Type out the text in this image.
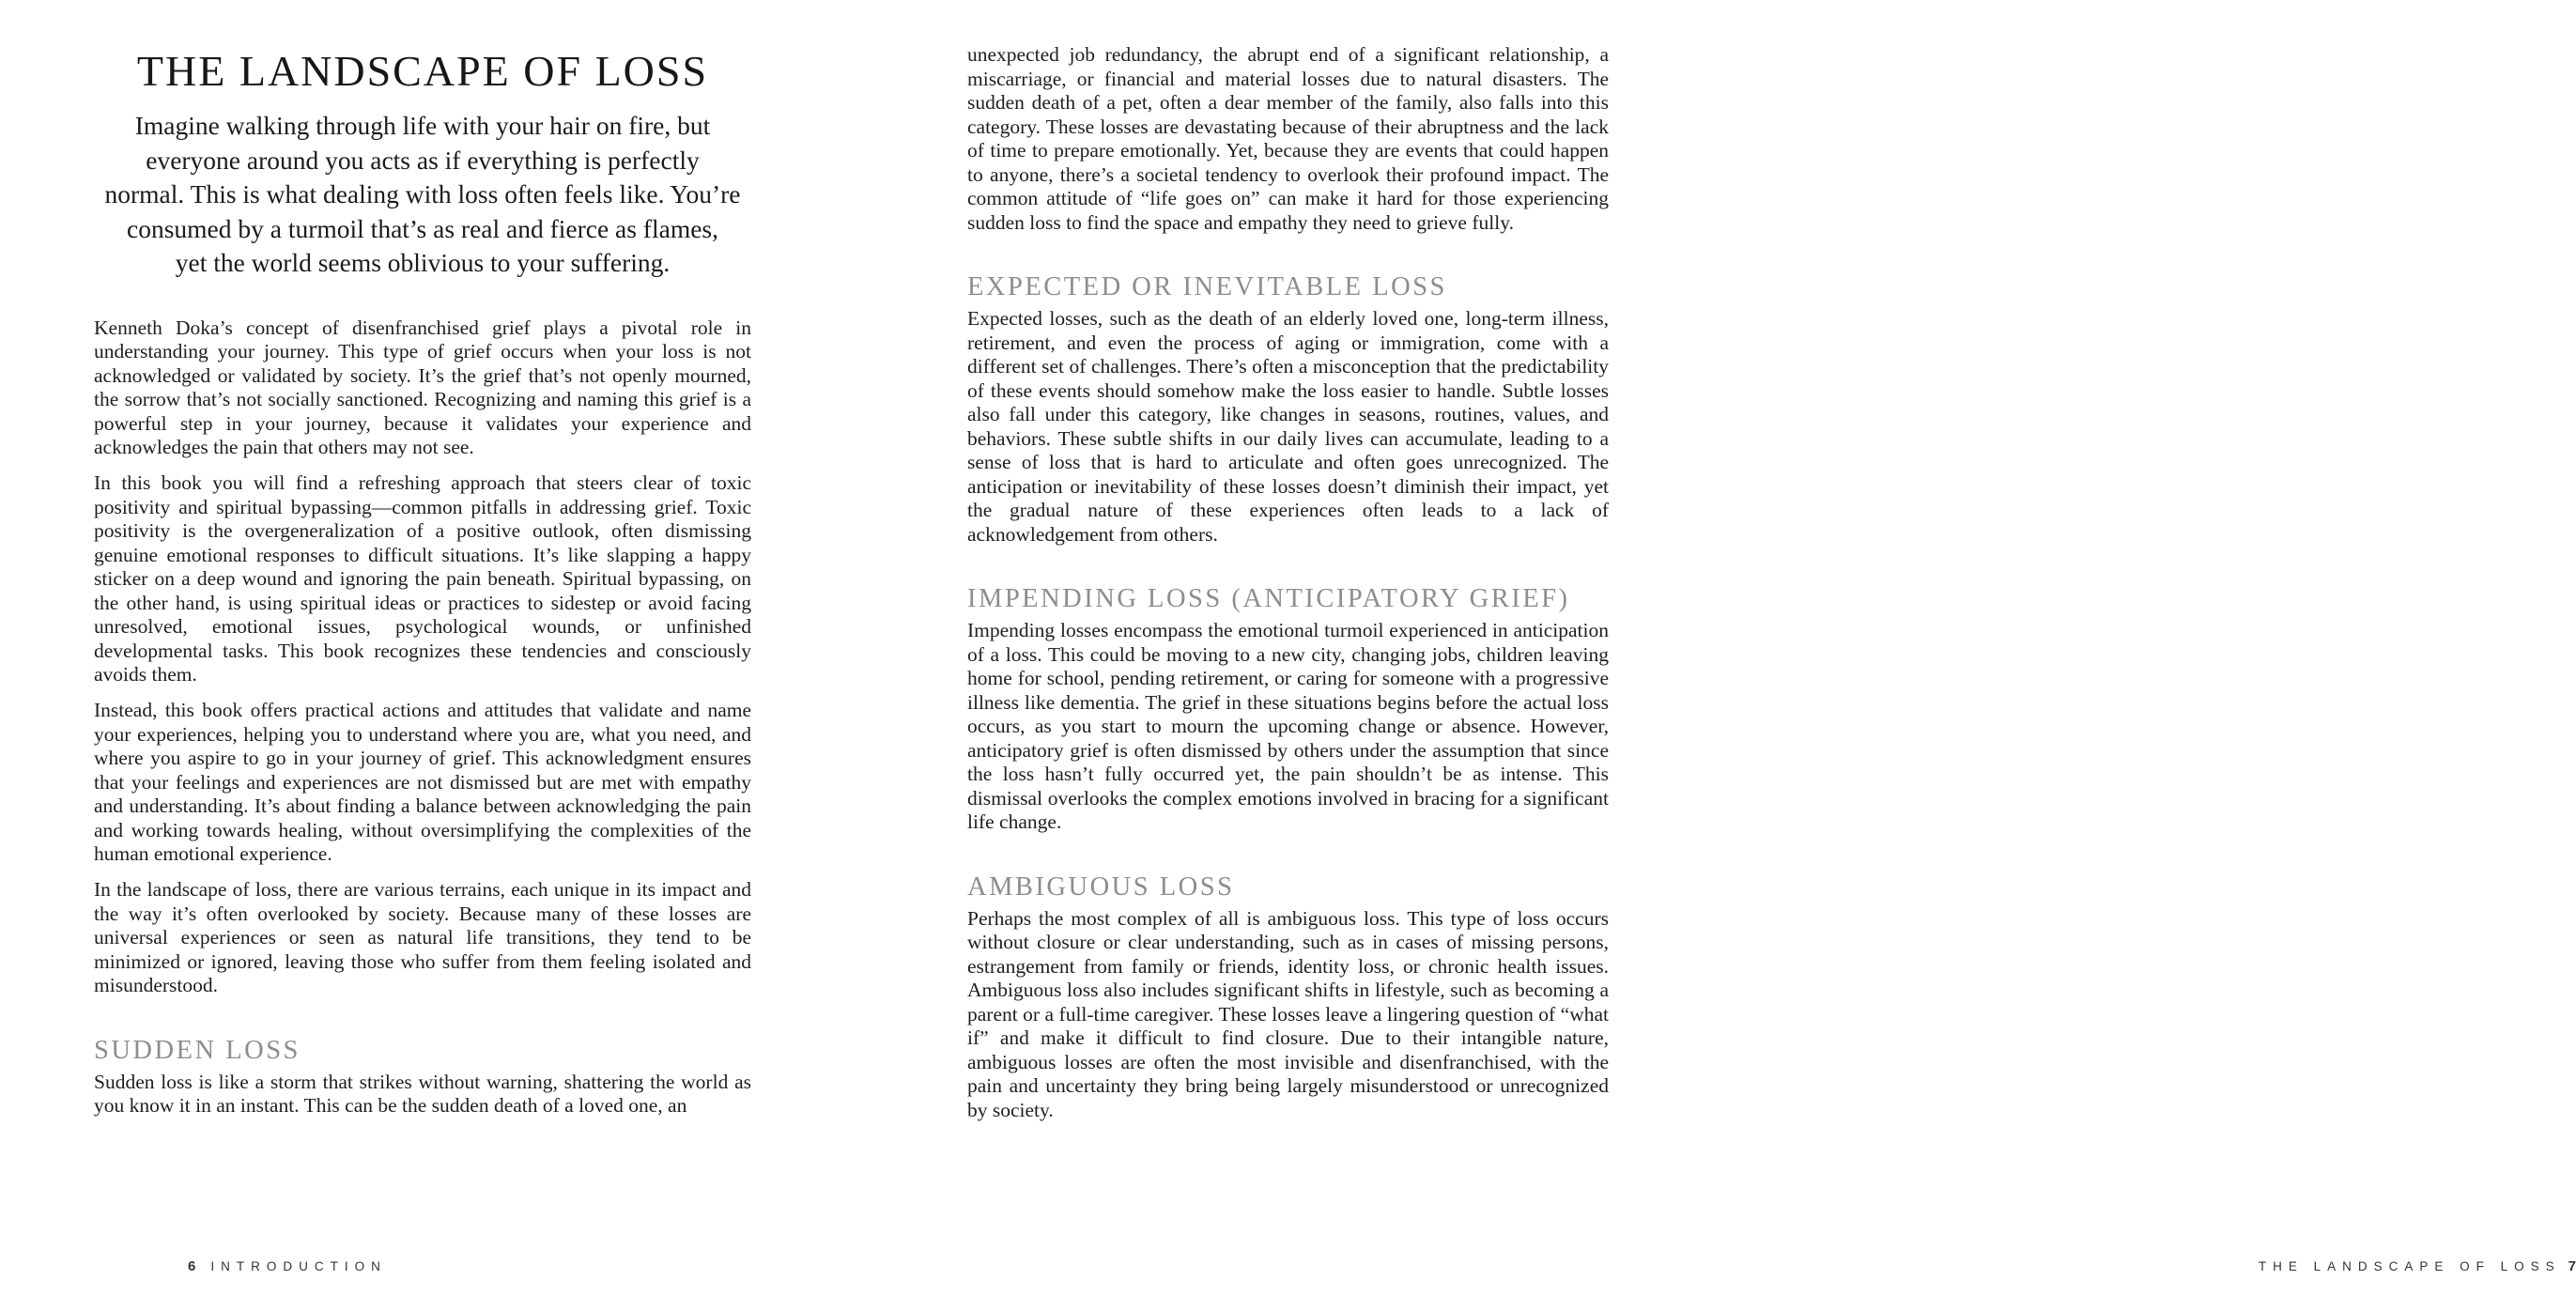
THE LANDSCAPE OF LOSS
Imagine walking through life with your hair on fire, but
everyone around you acts as if everything is perfectly
normal. This is what dealing with loss often feels like. You’re
consumed by a turmoil that’s as real and fierce as flames,
yet the world seems oblivious to your suffering.

Kenneth Doka’s concept of disenfranchised grief plays a pivotal role in understanding your journey. This type of grief occurs when your loss is not acknowledged or validated by society. It’s the grief that’s not openly mourned, the sorrow that’s not socially sanctioned. Recognizing and naming this grief is a powerful step in your journey, because it validates your experience and acknowledges the pain that others may not see.

In this book you will find a refreshing approach that steers clear of toxic positivity and spiritual bypassing—common pitfalls in addressing grief. Toxic positivity is the overgeneralization of a positive outlook, often dismissing genuine emotional responses to difficult situations. It’s like slapping a happy sticker on a deep wound and ignoring the pain beneath. Spiritual bypassing, on the other hand, is using spiritual ideas or practices to sidestep or avoid facing unresolved, emotional issues, psychological wounds, or unfinished developmental tasks. This book recognizes these tendencies and consciously avoids them.

Instead, this book offers practical actions and attitudes that validate and name your experiences, helping you to understand where you are, what you need, and where you aspire to go in your journey of grief. This acknowledgment ensures that your feelings and experiences are not dismissed but are met with empathy and understanding. It’s about finding a balance between acknowledging the pain and working towards healing, without oversimplifying the complexities of the human emotional experience.

In the landscape of loss, there are various terrains, each unique in its impact and the way it’s often overlooked by society. Because many of these losses are universal experiences or seen as natural life transitions, they tend to be minimized or ignored, leaving those who suffer from them feeling isolated and misunderstood.

SUDDEN LOSS

Sudden loss is like a storm that strikes without warning, shattering the world as you know it in an instant. This can be the sudden death of a loved one, an

6 INTRODUCTION

unexpected job redundancy, the abrupt end of a significant relationship, a miscarriage, or financial and material losses due to natural disasters. The sudden death of a pet, often a dear member of the family, also falls into this category. These losses are devastating because of their abruptness and the lack of time to prepare emotionally. Yet, because they are events that could happen to anyone, there’s a societal tendency to overlook their profound impact. The common attitude of “life goes on” can make it hard for those experiencing sudden loss to find the space and empathy they need to grieve fully.

EXPECTED OR INEVITABLE LOSS

Expected losses, such as the death of an elderly loved one, long-term illness, retirement, and even the process of aging or immigration, come with a different set of challenges. There’s often a misconception that the predictability of these events should somehow make the loss easier to handle. Subtle losses also fall under this category, like changes in seasons, routines, values, and behaviors. These subtle shifts in our daily lives can accumulate, leading to a sense of loss that is hard to articulate and often goes unrecognized. The anticipation or inevitability of these losses doesn’t diminish their impact, yet the gradual nature of these experiences often leads to a lack of acknowledgement from others.

IMPENDING LOSS (ANTICIPATORY GRIEF)

Impending losses encompass the emotional turmoil experienced in anticipation of a loss. This could be moving to a new city, changing jobs, children leaving home for school, pending retirement, or caring for someone with a progressive illness like dementia. The grief in these situations begins before the actual loss occurs, as you start to mourn the upcoming change or absence. However, anticipatory grief is often dismissed by others under the assumption that since the loss hasn’t fully occurred yet, the pain shouldn’t be as intense. This dismissal overlooks the complex emotions involved in bracing for a significant life change.

AMBIGUOUS LOSS

Perhaps the most complex of all is ambiguous loss. This type of loss occurs without closure or clear understanding, such as in cases of missing persons, estrangement from family or friends, identity loss, or chronic health issues. Ambiguous loss also includes significant shifts in lifestyle, such as becoming a parent or a full-time caregiver. These losses leave a lingering question of “what if” and make it difficult to find closure. Due to their intangible nature, ambiguous losses are often the most invisible and disenfranchised, with the pain and uncertainty they bring being largely misunderstood or unrecognized by society.

THE LANDSCAPE OF LOSS 7
